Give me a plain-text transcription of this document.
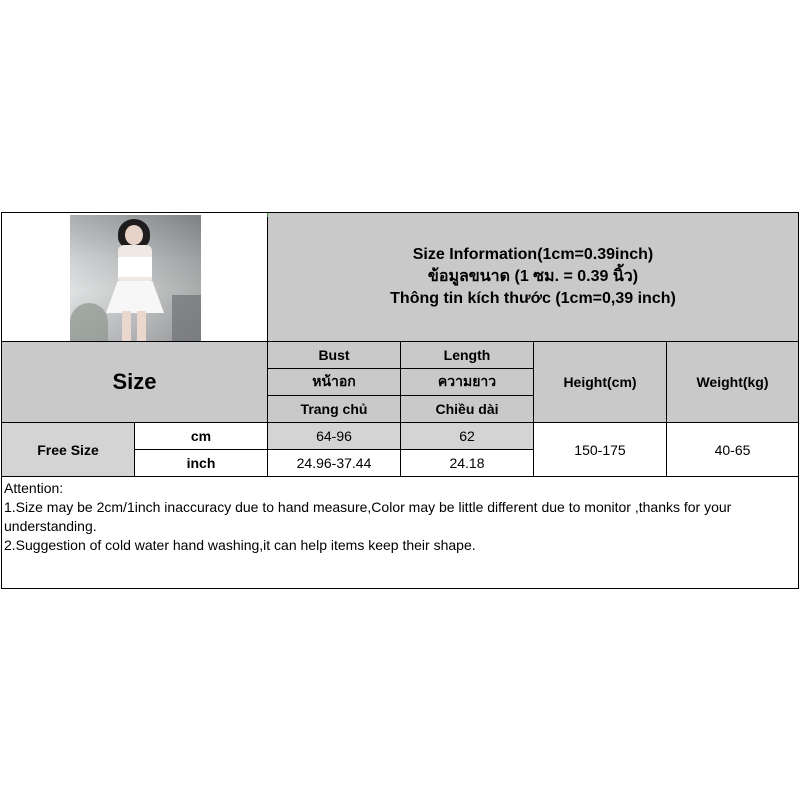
Size Information(1cm=0.39inch)
ข้อมูลขนาด (1 ซม. = 0.39 นิ้ว)
Thông tin kích thước (1cm=0,39 inch)
Size
Bust
หน้าอก
Trang chủ
Length
ความยาว
Chiều dài
Height(cm)	Weight(kg)
Free Size
cm
inch
64-96
24.96-37.44
62
24.18
150-175	40-65
Attention:
1.Size may be 2cm/1inch inaccuracy due to hand measure,Color may be little different due to monitor ,thanks for your understanding.
2.Suggestion of cold water hand washing,it can help items keep their shape.
